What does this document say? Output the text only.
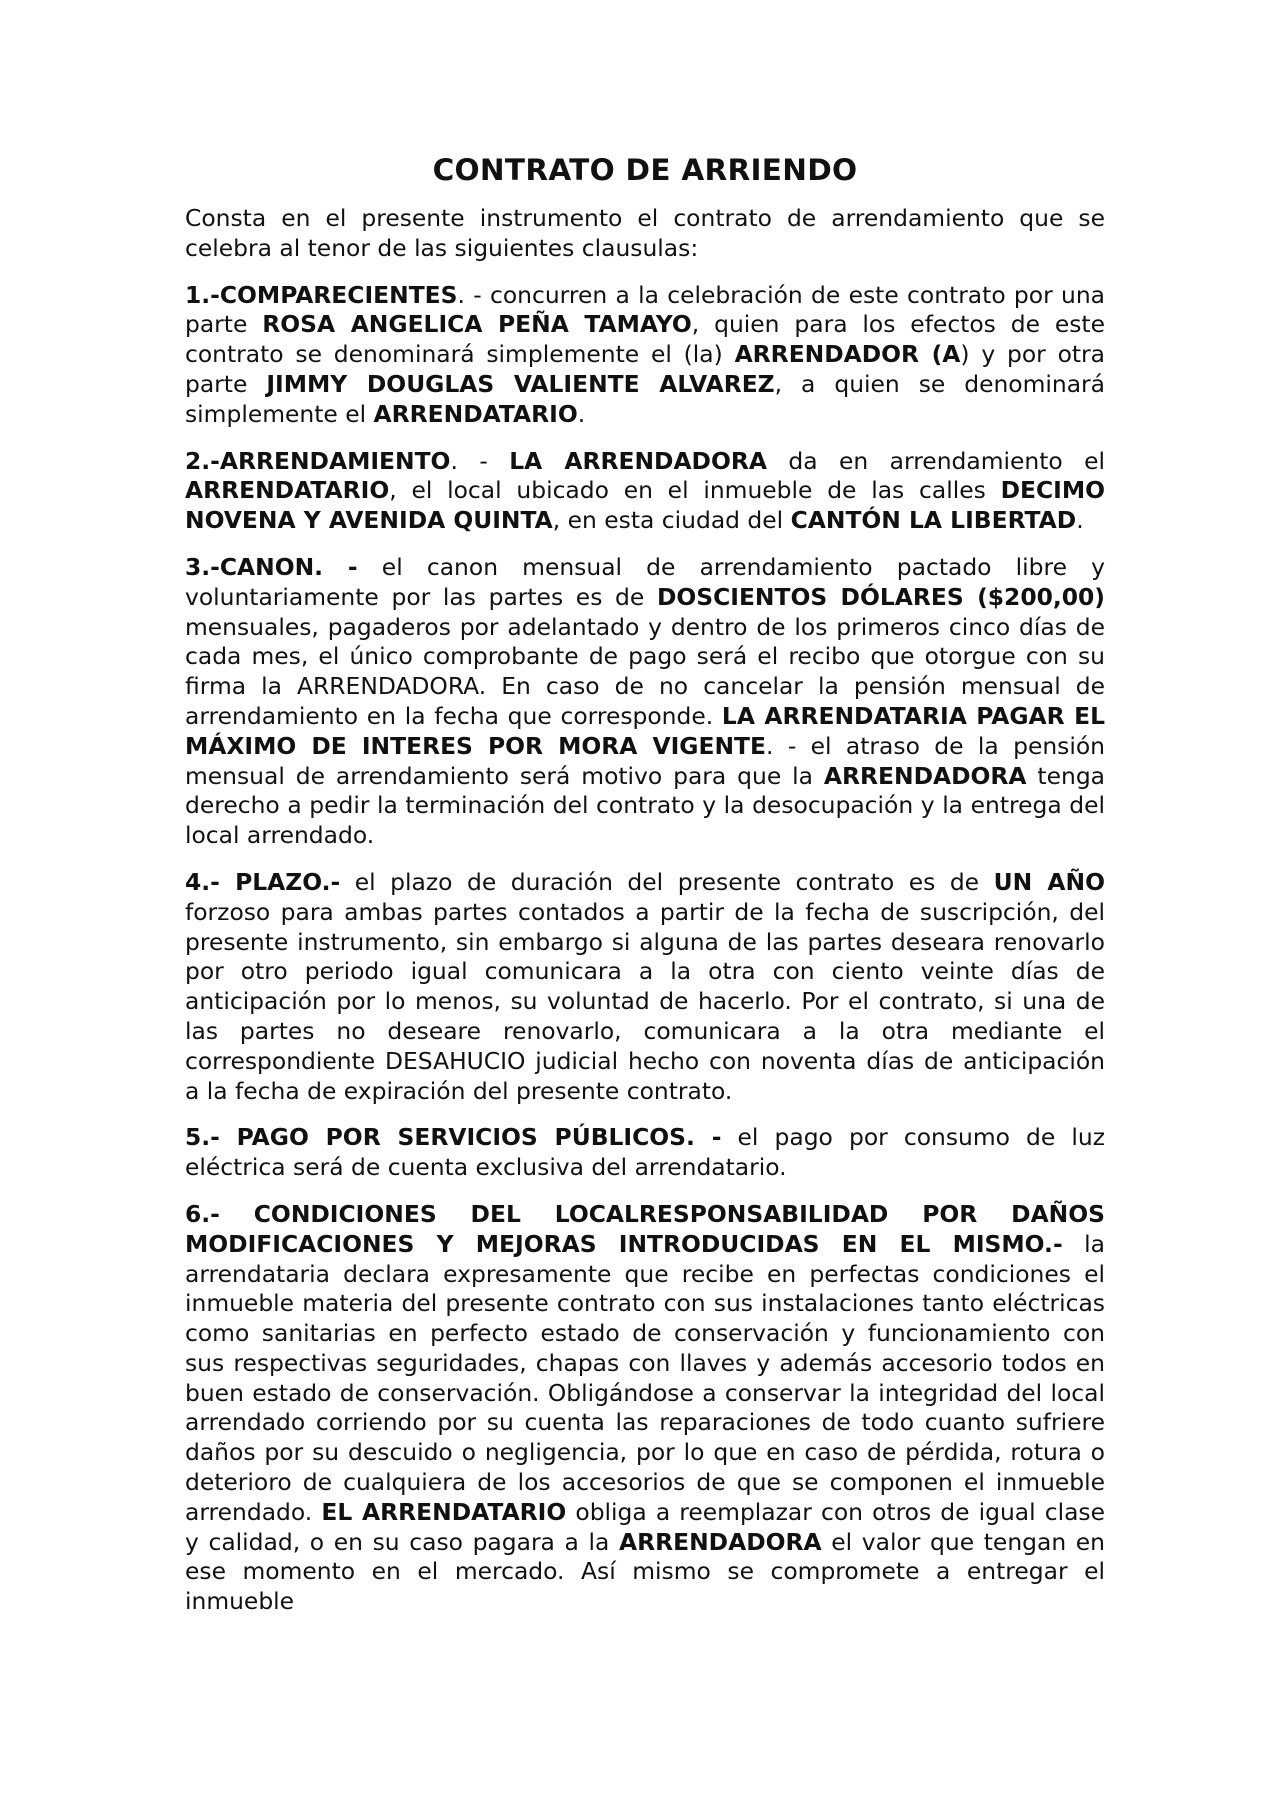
CONTRATO DE ARRIENDO

Consta en el presente instrumento el contrato de arrendamiento que se celebra al tenor de las siguientes clausulas:

1.-COMPARECIENTES. - concurren a la celebración de este contrato por una parte ROSA ANGELICA PEÑA TAMAYO, quien para los efectos de este contrato se denominará simplemente el (la) ARRENDADOR (A) y por otra parte JIMMY DOUGLAS VALIENTE ALVAREZ, a quien se denominará simplemente el ARRENDATARIO.

2.-ARRENDAMIENTO. - LA ARRENDADORA da en arrendamiento el ARRENDATARIO, el local ubicado en el inmueble de las calles DECIMO NOVENA Y AVENIDA QUINTA, en esta ciudad del CANTÓN LA LIBERTAD.

3.-CANON. - el canon mensual de arrendamiento pactado libre y voluntariamente por las partes es de DOSCIENTOS DÓLARES ($200,00) mensuales, pagaderos por adelantado y dentro de los primeros cinco días de cada mes, el único comprobante de pago será el recibo que otorgue con su firma la ARRENDADORA. En caso de no cancelar la pensión mensual de arrendamiento en la fecha que corresponde. LA ARRENDATARIA PAGAR EL MÁXIMO DE INTERES POR MORA VIGENTE. - el atraso de la pensión mensual de arrendamiento será motivo para que la ARRENDADORA tenga derecho a pedir la terminación del contrato y la desocupación y la entrega del local arrendado.

4.- PLAZO.- el plazo de duración del presente contrato es de UN AÑO forzoso para ambas partes contados a partir de la fecha de suscripción, del presente instrumento, sin embargo si alguna de las partes deseara renovarlo por otro periodo igual comunicara a la otra con ciento veinte días de anticipación por lo menos, su voluntad de hacerlo. Por el contrato, si una de las partes no deseare renovarlo, comunicara a la otra mediante el correspondiente DESAHUCIO judicial hecho con noventa días de anticipación a la fecha de expiración del presente contrato.

5.- PAGO POR SERVICIOS PÚBLICOS. - el pago por consumo de luz eléctrica será de cuenta exclusiva del arrendatario.

6.- CONDICIONES DEL LOCALRESPONSABILIDAD POR DAÑOS MODIFICACIONES Y MEJORAS INTRODUCIDAS EN EL MISMO.- la arrendataria declara expresamente que recibe en perfectas condiciones el inmueble materia del presente contrato con sus instalaciones tanto eléctricas como sanitarias en perfecto estado de conservación y funcionamiento con sus respectivas seguridades, chapas con llaves y además accesorio todos en buen estado de conservación. Obligándose a conservar la integridad del local arrendado corriendo por su cuenta las reparaciones de todo cuanto sufriere daños por su descuido o negligencia, por lo que en caso de pérdida, rotura o deterioro de cualquiera de los accesorios de que se componen el inmueble arrendado. EL ARRENDATARIO obliga a reemplazar con otros de igual clase y calidad, o en su caso pagara a la ARRENDADORA el valor que tengan en ese momento en el mercado. Así mismo se compromete a entregar el inmueble
